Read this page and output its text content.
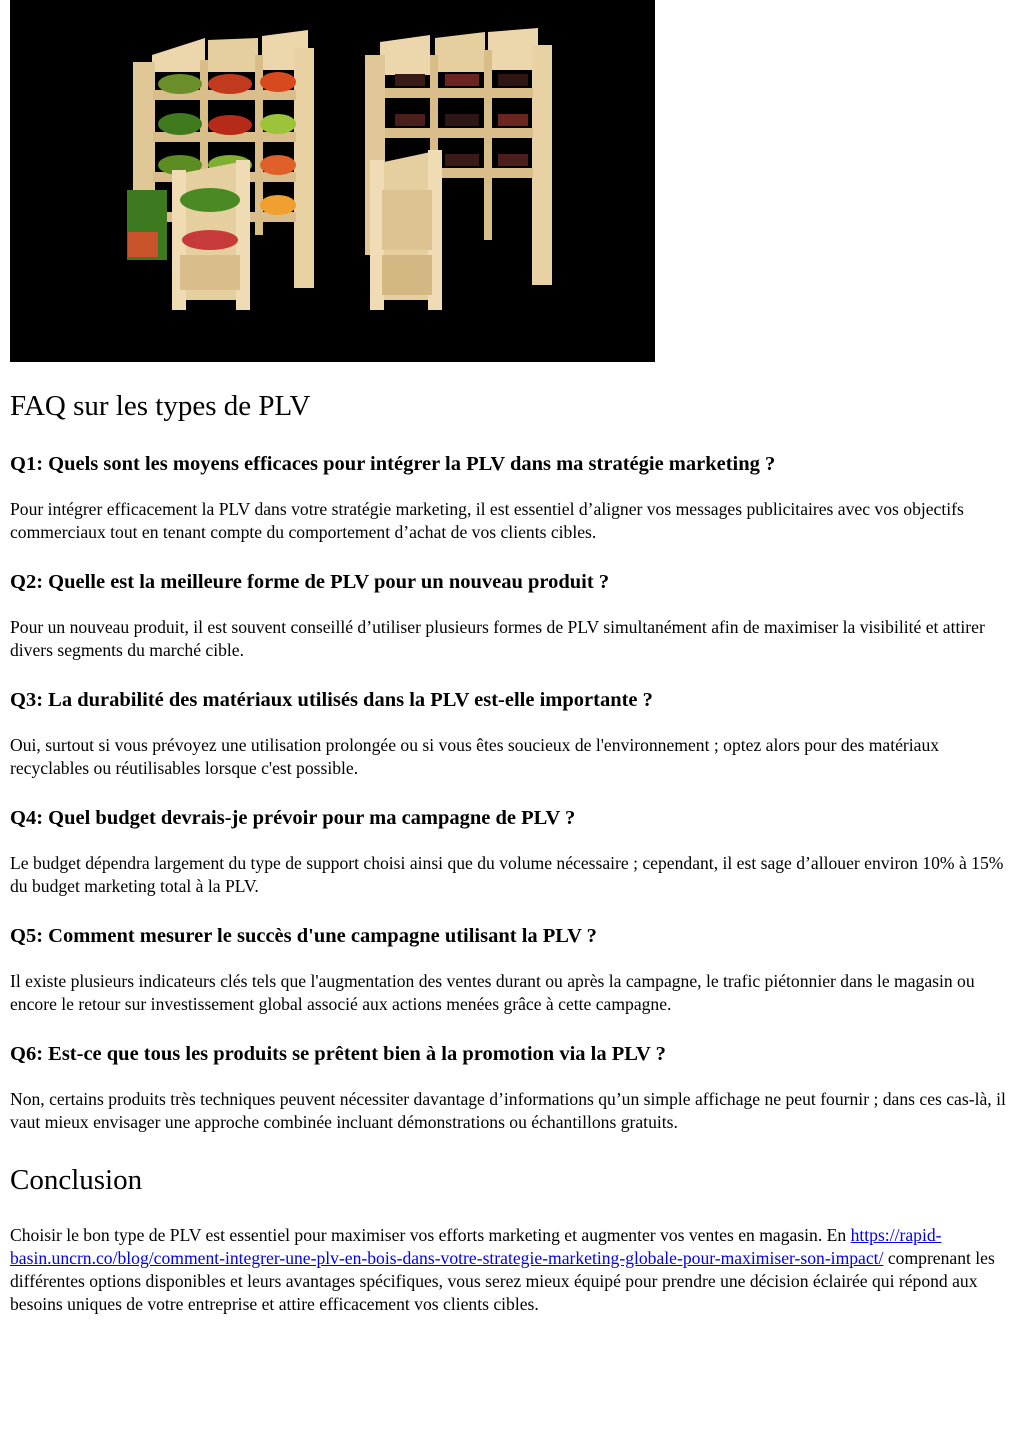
FAQ sur les types de PLV
Q1: Quels sont les moyens efficaces pour intégrer la PLV dans ma stratégie marketing ?

Pour intégrer efficacement la PLV dans votre stratégie marketing, il est essentiel d’aligner vos messages publicitaires avec vos objectifs commerciaux tout en tenant compte du comportement d’achat de vos clients cibles.

Q2: Quelle est la meilleure forme de PLV pour un nouveau produit ?

Pour un nouveau produit, il est souvent conseillé d’utiliser plusieurs formes de PLV simultanément afin de maximiser la visibilité et attirer divers segments du marché cible.

Q3: La durabilité des matériaux utilisés dans la PLV est-elle importante ?

Oui, surtout si vous prévoyez une utilisation prolongée ou si vous êtes soucieux de l'environnement ; optez alors pour des matériaux recyclables ou réutilisables lorsque c'est possible.

Q4: Quel budget devrais-je prévoir pour ma campagne de PLV ?

Le budget dépendra largement du type de support choisi ainsi que du volume nécessaire ; cependant, il est sage d’allouer environ 10% à 15% du budget marketing total à la PLV.

Q5: Comment mesurer le succès d'une campagne utilisant la PLV ?

Il existe plusieurs indicateurs clés tels que l'augmentation des ventes durant ou après la campagne, le trafic piétonnier dans le magasin ou encore le retour sur investissement global associé aux actions menées grâce à cette campagne.

Q6: Est-ce que tous les produits se prêtent bien à la promotion via la PLV ?

Non, certains produits très techniques peuvent nécessiter davantage d’informations qu’un simple affichage ne peut fournir ; dans ces cas-là, il vaut mieux envisager une approche combinée incluant démonstrations ou échantillons gratuits.

Conclusion

Choisir le bon type de PLV est essentiel pour maximiser vos efforts marketing et augmenter vos ventes en magasin. En https://rapid-basin.uncrn.co/blog/comment-integrer-une-plv-en-bois-dans-votre-strategie-marketing-globale-pour-maximiser-son-impact/ comprenant les différentes options disponibles et leurs avantages spécifiques, vous serez mieux équipé pour prendre une décision éclairée qui répond aux besoins uniques de votre entreprise et attire efficacement vos clients cibles.
